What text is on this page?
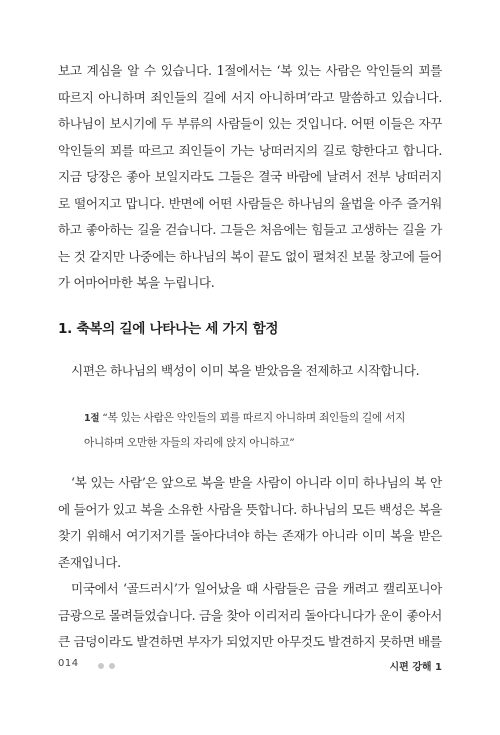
보고 계심을 알 수 있습니다. 1절에서는 ‘복 있는 사람은 악인들의 꾀를 따르지 아니하며 죄인들의 길에 서지 아니하며’라고 말씀하고 있습니다. 하나님이 보시기에 두 부류의 사람들이 있는 것입니다. 어떤 이들은 자꾸 악인들의 꾀를 따르고 죄인들이 가는 낭떠러지의 길로 향한다고 합니다. 지금 당장은 좋아 보일지라도 그들은 결국 바람에 날려서 전부 낭떠러지로 떨어지고 맙니다. 반면에 어떤 사람들은 하나님의 율법을 아주 즐거워하고 좋아하는 길을 걷습니다. 그들은 처음에는 힘들고 고생하는 길을 가는 것 같지만 나중에는 하나님의 복이 끝도 없이 펼쳐진 보물 창고에 들어가 어마어마한 복을 누립니다.

1. 축복의 길에 나타나는 세 가지 함정

시편은 하나님의 백성이 이미 복을 받았음을 전제하고 시작합니다.

1절 “복 있는 사람은 악인들의 꾀를 따르지 아니하며 죄인들의 길에 서지 아니하며 오만한 자들의 자리에 앉지 아니하고”

‘복 있는 사람’은 앞으로 복을 받을 사람이 아니라 이미 하나님의 복 안에 들어가 있고 복을 소유한 사람을 뜻합니다. 하나님의 모든 백성은 복을 찾기 위해서 여기저기를 돌아다녀야 하는 존재가 아니라 이미 복을 받은 존재입니다.

미국에서 ‘골드러시’가 일어났을 때 사람들은 금을 캐려고 캘리포니아 금광으로 몰려들었습니다. 금을 찾아 이리저리 돌아다니다가 운이 좋아서 큰 금덩이라도 발견하면 부자가 되었지만 아무것도 발견하지 못하면 배를

014	시편 강해 1
